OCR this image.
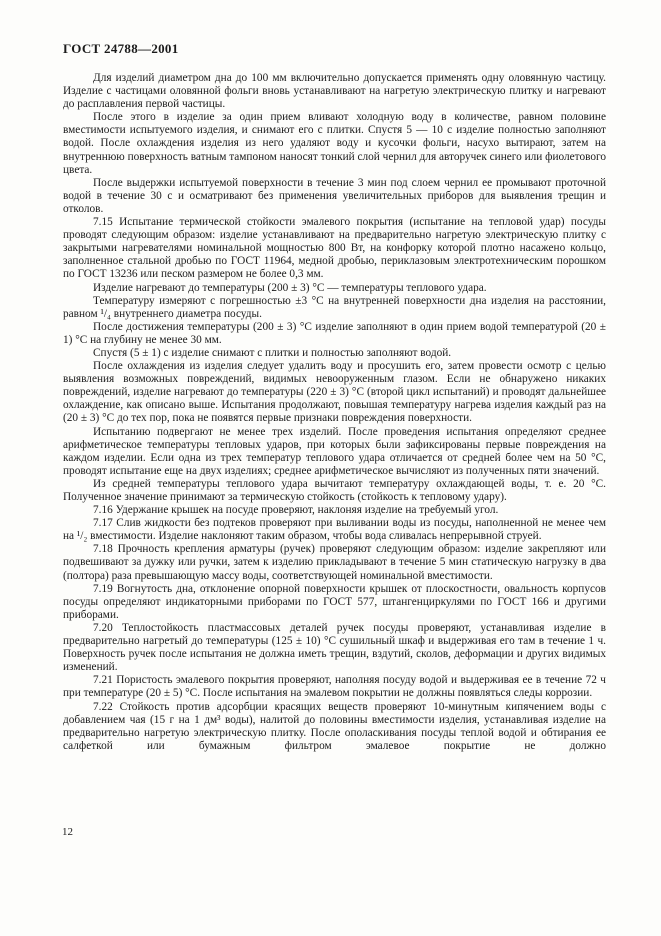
ГОСТ 24788—2001

Для изделий диаметром дна до 100 мм включительно допускается применять одну оловянную частицу. Изделие с частицами оловянной фольги вновь устанавливают на нагретую электрическую плитку и нагревают до расплавления первой частицы.

После этого в изделие за один прием вливают холодную воду в количестве, равном половине вместимости испытуемого изделия, и снимают его с плитки. Спустя 5 — 10 с изделие полностью заполняют водой. После охлаждения изделия из него удаляют воду и кусочки фольги, насухо вытирают, затем на внутреннюю поверхность ватным тампоном наносят тонкий слой чернил для авторучек синего или фиолетового цвета.

После выдержки испытуемой поверхности в течение 3 мин под слоем чернил ее промывают проточной водой в течение 30 с и осматривают без применения увеличительных приборов для выявления трещин и отколов.

7.15 Испытание термической стойкости эмалевого покрытия (испытание на тепловой удар) посуды проводят следующим образом: изделие устанавливают на предварительно нагретую электрическую плитку с закрытыми нагревателями номинальной мощностью 800 Вт, на конфорку которой плотно насажено кольцо, заполненное стальной дробью по ГОСТ 11964, медной дробью, периклазовым электротехническим порошком по ГОСТ 13236 или песком размером не более 0,3 мм.

Изделие нагревают до температуры (200 ± 3) °С — температуры теплового удара.

Температуру измеряют с погрешностью ±3 °С на внутренней поверхности дна изделия на расстоянии, равном ¹/₄ внутреннего диаметра посуды.

После достижения температуры (200 ± 3) °С изделие заполняют в один прием водой температурой (20 ± 1) °С на глубину не менее 30 мм.

Спустя (5 ± 1) с изделие снимают с плитки и полностью заполняют водой.

После охлаждения из изделия следует удалить воду и просушить его, затем провести осмотр с целью выявления возможных повреждений, видимых невооруженным глазом. Если не обнаружено никаких повреждений, изделие нагревают до температуры (220 ± 3) °С (второй цикл испытаний) и проводят дальнейшее охлаждение, как описано выше. Испытания продолжают, повышая температуру нагрева изделия каждый раз на (20 ± 3) °С до тех пор, пока не появятся первые признаки повреждения поверхности.

Испытанию подвергают не менее трех изделий. После проведения испытания определяют среднее арифметическое температуры тепловых ударов, при которых были зафиксированы первые повреждения на каждом изделии. Если одна из трех температур теплового удара отличается от средней более чем на 50 °С, проводят испытание еще на двух изделиях; среднее арифметическое вычисляют из полученных пяти значений.

Из средней температуры теплового удара вычитают температуру охлаждающей воды, т. е. 20 °С. Полученное значение принимают за термическую стойкость (стойкость к тепловому удару).

7.16 Удержание крышек на посуде проверяют, наклоняя изделие на требуемый угол.

7.17 Слив жидкости без подтеков проверяют при выливании воды из посуды, наполненной не менее чем на ¹/₂ вместимости. Изделие наклоняют таким образом, чтобы вода сливалась непрерывной струей.

7.18 Прочность крепления арматуры (ручек) проверяют следующим образом: изделие закрепляют или подвешивают за дужку или ручки, затем к изделию прикладывают в течение 5 мин статическую нагрузку в два (полтора) раза превышающую массу воды, соответствующей номинальной вместимости.

7.19 Вогнутость дна, отклонение опорной поверхности крышек от плоскостности, овальность корпусов посуды определяют индикаторными приборами по ГОСТ 577, штангенциркулями по ГОСТ 166 и другими приборами.

7.20 Теплостойкость пластмассовых деталей ручек посуды проверяют, устанавливая изделие в предварительно нагретый до температуры (125 ± 10) °С сушильный шкаф и выдерживая его там в течение 1 ч. Поверхность ручек после испытания не должна иметь трещин, вздутий, сколов, деформации и других видимых изменений.

7.21 Пористость эмалевого покрытия проверяют, наполняя посуду водой и выдерживая ее в течение 72 ч при температуре (20 ± 5) °С. После испытания на эмалевом покрытии не должны появляться следы коррозии.

7.22 Стойкость против адсорбции красящих веществ проверяют 10-минутным кипячением воды с добавлением чая (15 г на 1 дм³ воды), налитой до половины вместимости изделия, устанавливая изделие на предварительно нагретую электрическую плитку. После ополаскивания посуды теплой водой и обтирания ее салфеткой или бумажным фильтром эмалевое покрытие не должно

12
